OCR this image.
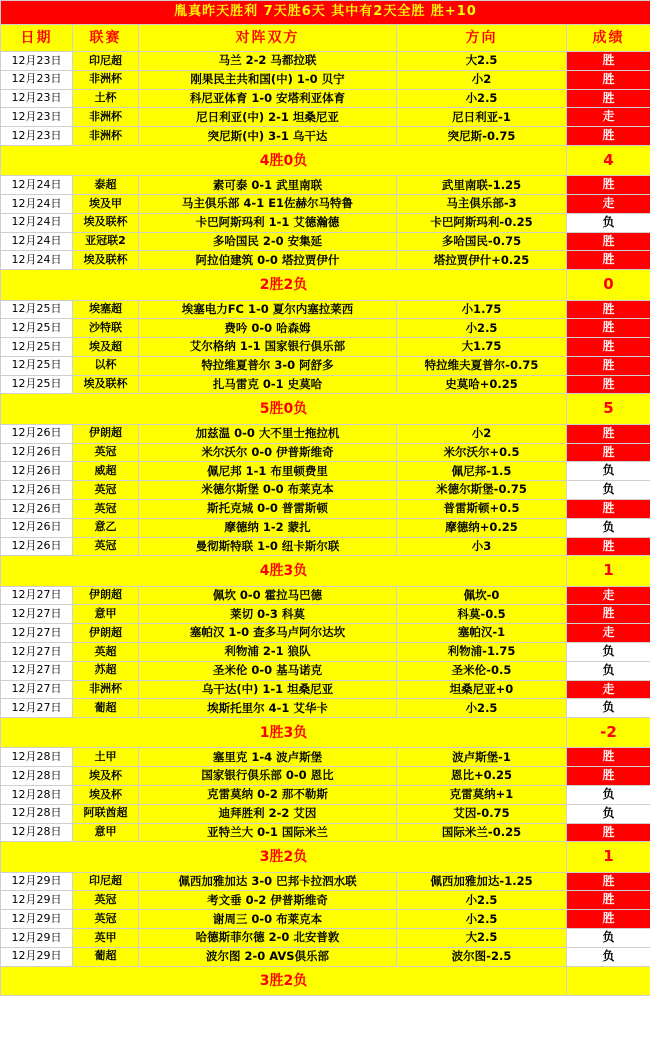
胤真昨天胜利 7天胜6天 其中有2天全胜 胜+10				
日期	联赛	对阵双方	方向	成绩
12月23日	印尼超	马兰 2-2 马都拉联	大2.5	胜
12月23日	非洲杯	刚果民主共和国(中) 1-0 贝宁	小2	胜
12月23日	土杯	科尼亚体育 1-0 安塔利亚体育	小2.5	胜
12月23日	非洲杯	尼日利亚(中) 2-1 坦桑尼亚	尼日利亚-1	走
12月23日	非洲杯	突尼斯(中) 3-1 乌干达	突尼斯-0.75	胜
4胜0负				4
12月24日	泰超	素可泰 0-1 武里南联	武里南联-1.25	胜
12月24日	埃及甲	马主俱乐部 4-1 E1佐赫尔马特鲁	马主俱乐部-3	走
12月24日	埃及联杯	卡巴阿斯玛利 1-1 艾德瀚德	卡巴阿斯玛利-0.25	负
12月24日	亚冠联2	多哈国民 2-0 安集延	多哈国民-0.75	胜
12月24日	埃及联杯	阿拉伯建筑 0-0 塔拉贾伊什	塔拉贾伊什+0.25	胜
2胜2负				0
12月25日	埃塞超	埃塞电力FC 1-0 夏尔内塞拉莱西	小1.75	胜
12月25日	沙特联	费吟 0-0 哈森姆	小2.5	胜
12月25日	埃及超	艾尔格纳 1-1 国家银行俱乐部	大1.75	胜
12月25日	以杯	特拉维夏普尔 3-0 阿舒多	特拉维夫夏普尔-0.75	胜
12月25日	埃及联杯	扎马雷克 0-1 史莫哈	史莫哈+0.25	胜
5胜0负				5
12月26日	伊朗超	加兹温 0-0 大不里士拖拉机	小2	胜
12月26日	英冠	米尔沃尔 0-0 伊普斯维奇	米尔沃尔+0.5	胜
12月26日	威超	佩尼邦 1-1 布里顿费里	佩尼邦-1.5	负
12月26日	英冠	米德尔斯堡 0-0 布莱克本	米德尔斯堡-0.75	负
12月26日	英冠	斯托克城 0-0 普雷斯顿	普雷斯顿+0.5	胜
12月26日	意乙	摩德纳 1-2 蒙扎	摩德纳+0.25	负
12月26日	英冠	曼彻斯特联 1-0 纽卡斯尔联	小3	胜
4胜3负				1
12月27日	伊朗超	佩坎 0-0 霍拉马巴德	佩坎-0	走
12月27日	意甲	莱切 0-3 科莫	科莫-0.5	胜
12月27日	伊朗超	塞帕汉 1-0 查多马卢阿尔达坎	塞帕汉-1	走
12月27日	英超	利物浦 2-1 狼队	利物浦-1.75	负
12月27日	苏超	圣米伦 0-0 基马诺克	圣米伦-0.5	负
12月27日	非洲杯	乌干达(中) 1-1 坦桑尼亚	坦桑尼亚+0	走
12月27日	葡超	埃斯托里尔 4-1 艾华卡	小2.5	负
1胜3负				-2
12月28日	土甲	塞里克 1-4 波卢斯堡	波卢斯堡-1	胜
12月28日	埃及杯	国家银行俱乐部 0-0 恩比	恩比+0.25	胜
12月28日	埃及杯	克雷莫纳 0-2 那不勒斯	克雷莫纳+1	负
12月28日	阿联酋超	迪拜胜利 2-2 艾因	艾因-0.75	负
12月28日	意甲	亚特兰大 0-1 国际米兰	国际米兰-0.25	胜
3胜2负				1
12月29日	印尼超	佩西加雅加达 3-0 巴邦卡拉泗水联	佩西加雅加达-1.25	胜
12月29日	英冠	考文垂 0-2 伊普斯维奇	小2.5	胜
12月29日	英冠	谢周三 0-0 布莱克本	小2.5	胜
12月29日	英甲	哈德斯菲尔德 2-0 北安普敦	大2.5	负
12月29日	葡超	波尔图 2-0 AVS俱乐部	波尔图-2.5	负
3胜2负				
